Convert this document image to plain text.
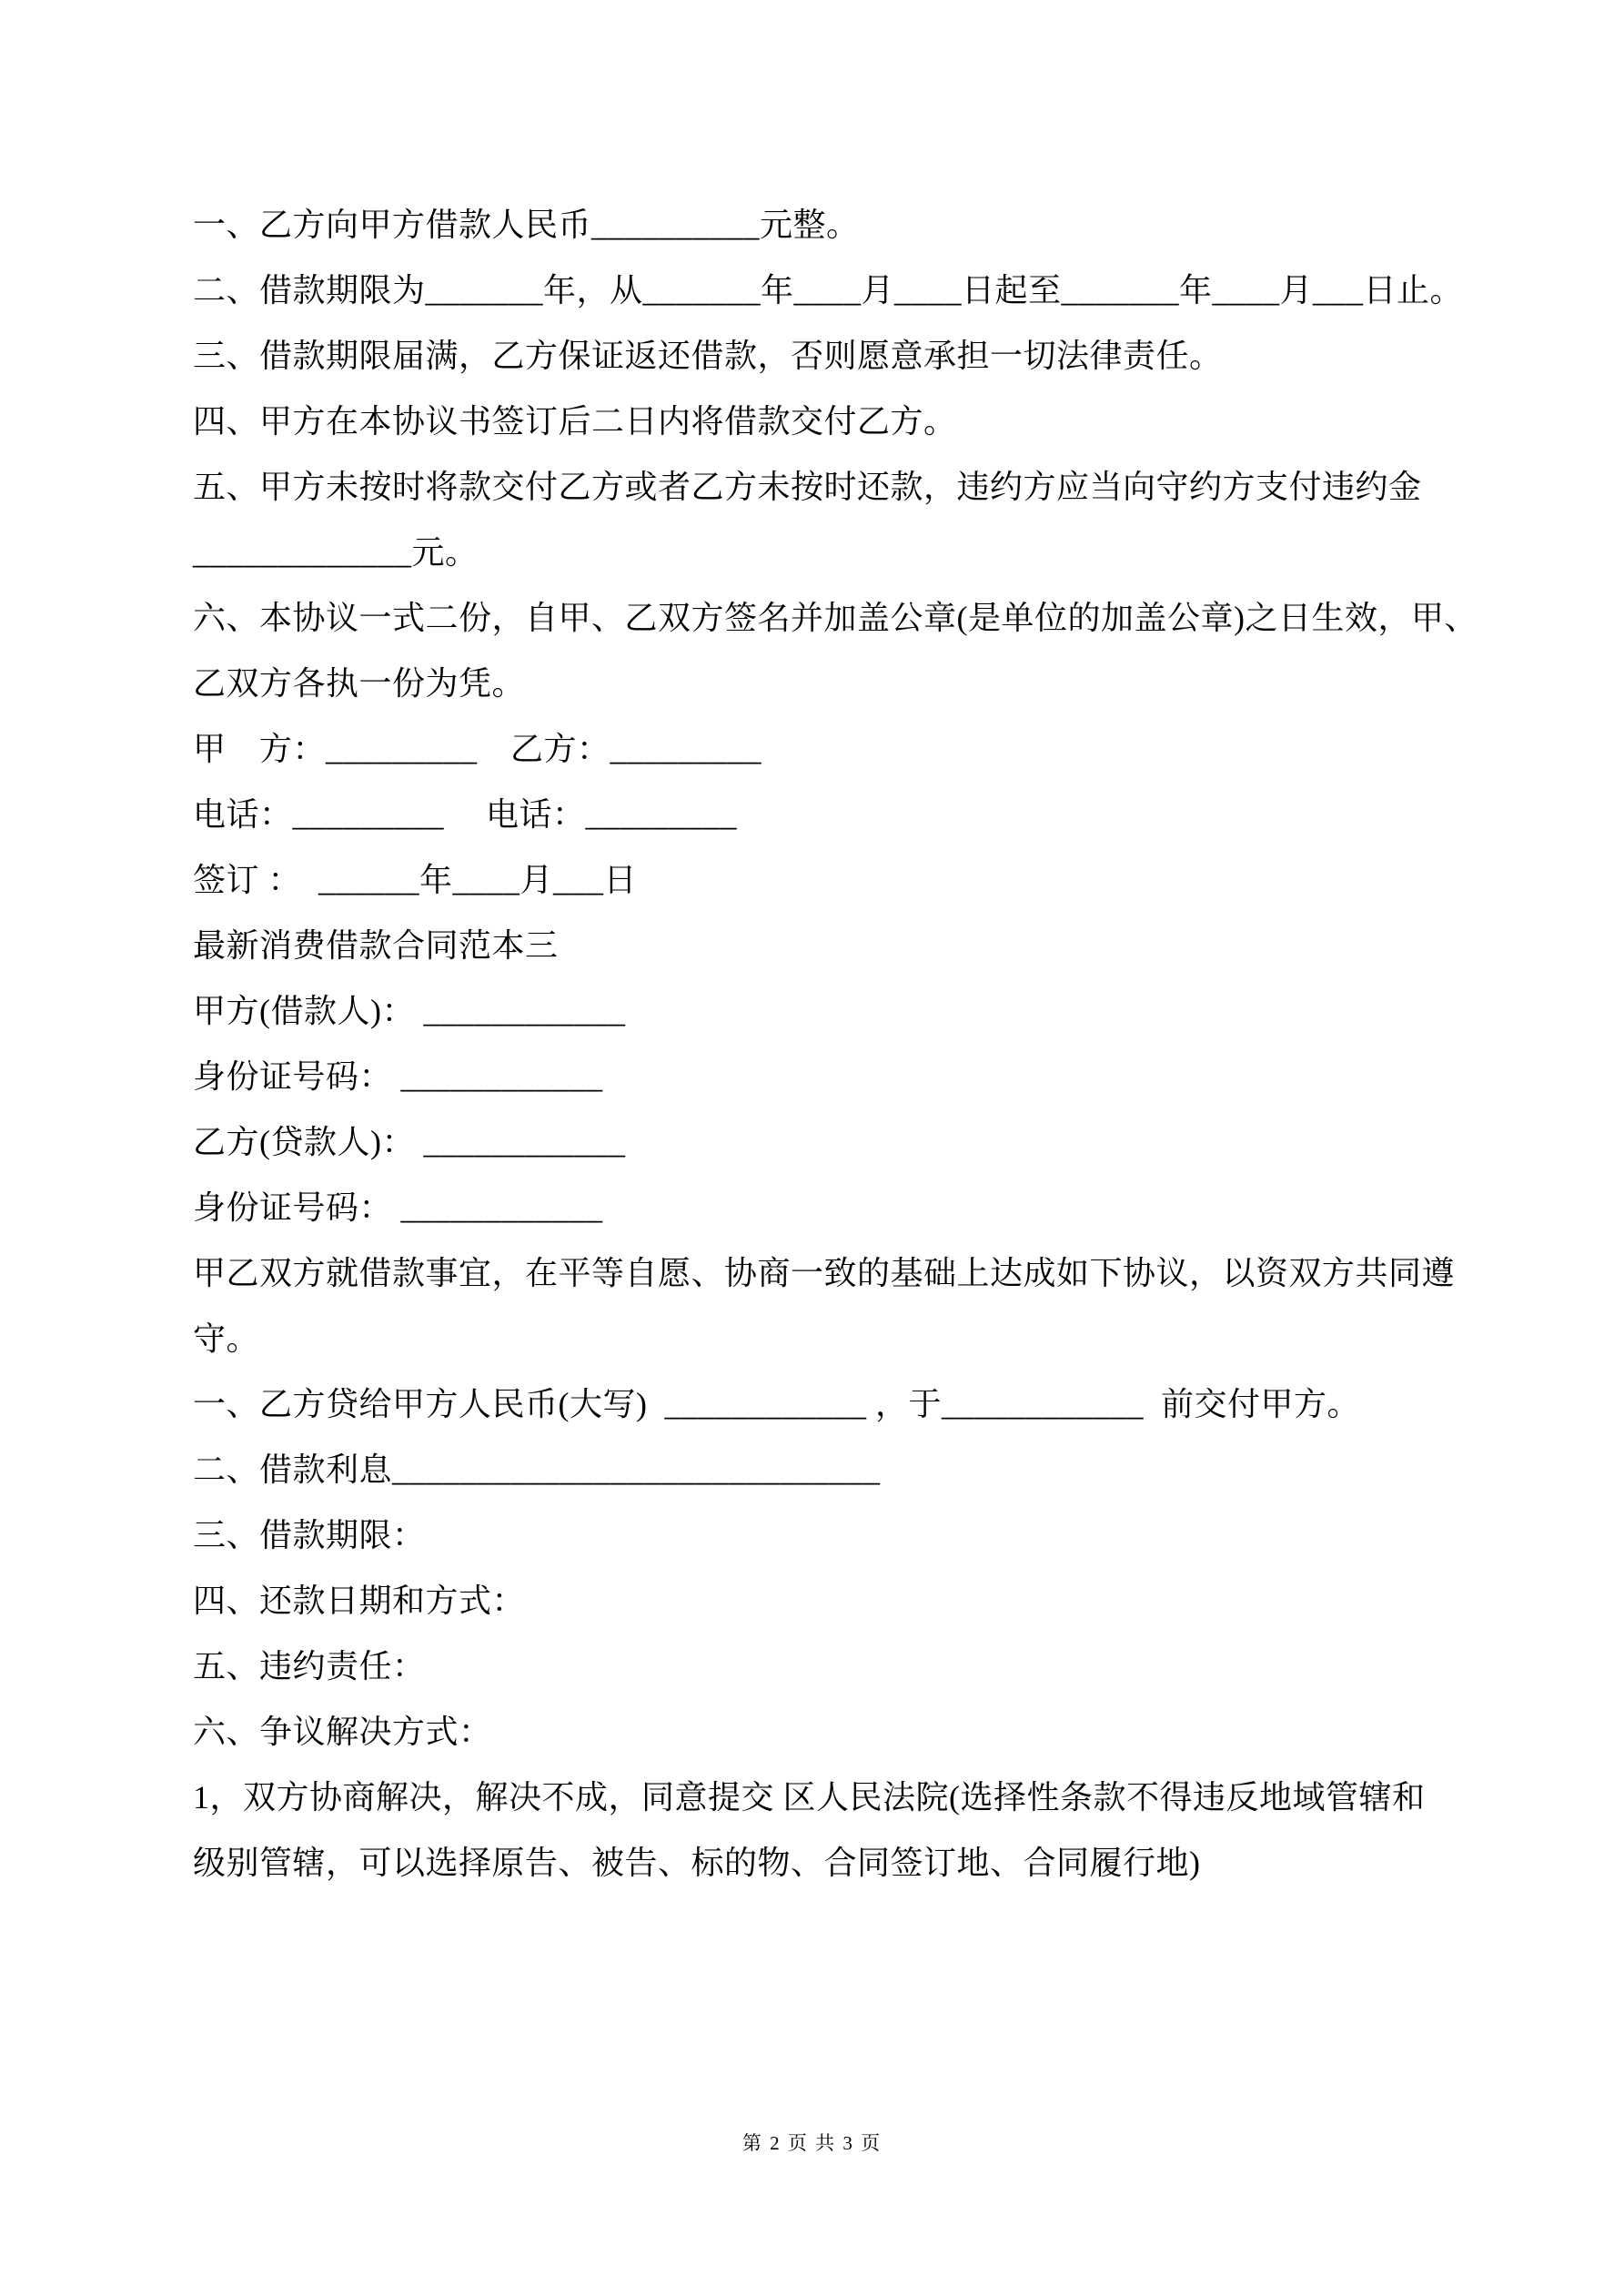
一、乙方向甲方借款人民币__________元整。

二、借款期限为_______年，从_______年____月____日起至_______年____月___日止。

三、借款期限届满，乙方保证返还借款，否则愿意承担一切法律责任。

四、甲方在本协议书签订后二日内将借款交付乙方。

五、甲方未按时将款交付乙方或者乙方未按时还款，违约方应当向守约方支付违约金

_____________元。

六、本协议一式二份，自甲、乙双方签名并加盖公章(是单位的加盖公章)之日生效，甲、

乙双方各执一份为凭。

甲　方：_________　乙方：_________

电话：_________　 电话：_________

签订 ：  ______年____月___日

最新消费借款合同范本三

甲方(借款人)： ____________

身份证号码： ____________

乙方(贷款人)： ____________

身份证号码： ____________

甲乙双方就借款事宜，在平等自愿、协商一致的基础上达成如下协议，以资双方共同遵

守。

一、乙方贷给甲方人民币(大写)  ____________ ，于____________  前交付甲方。

二、借款利息_____________________________

三、借款期限：

四、还款日期和方式：

五、违约责任：

六、争议解决方式：

1，双方协商解决，解决不成，同意提交 区人民法院(选择性条款不得违反地域管辖和

级别管辖，可以选择原告、被告、标的物、合同签订地、合同履行地)

第 2 页 共 3 页
